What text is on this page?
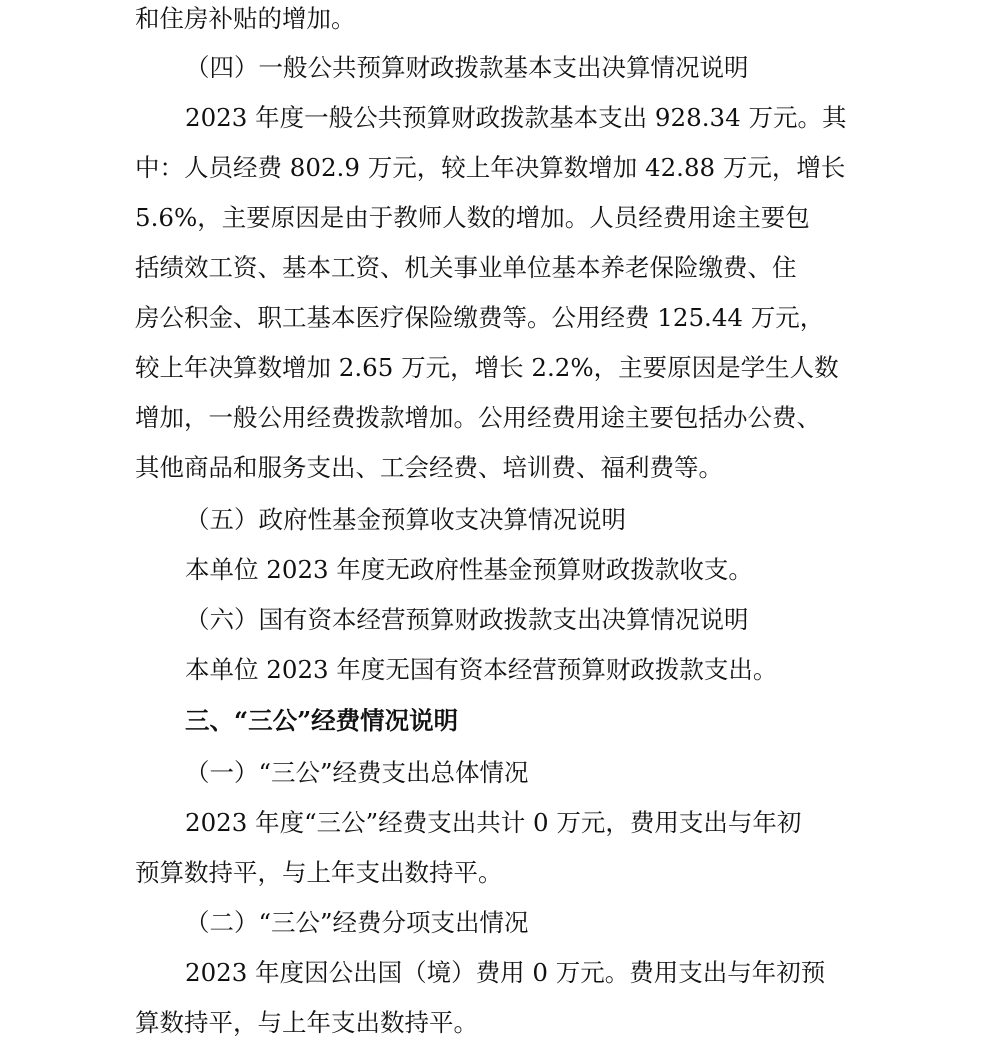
和住房补贴的增加。
（四）一般公共预算财政拨款基本支出决算情况说明
2023 年度一般公共预算财政拨款基本支出 928.34 万元。其
中：人员经费 802.9 万元，较上年决算数增加 42.88 万元，增长
5.6%，主要原因是由于教师人数的增加。人员经费用途主要包
括绩效工资、基本工资、机关事业单位基本养老保险缴费、住
房公积金、职工基本医疗保险缴费等。公用经费 125.44 万元，
较上年决算数增加 2.65 万元，增长 2.2%，主要原因是学生人数
增加，一般公用经费拨款增加。公用经费用途主要包括办公费、
其他商品和服务支出、工会经费、培训费、福利费等。
（五）政府性基金预算收支决算情况说明
本单位 2023 年度无政府性基金预算财政拨款收支。
（六）国有资本经营预算财政拨款支出决算情况说明
本单位 2023 年度无国有资本经营预算财政拨款支出。
三、“三公”经费情况说明
（一）“三公”经费支出总体情况
2023 年度“三公”经费支出共计 0 万元，费用支出与年初
预算数持平，与上年支出数持平。
（二）“三公”经费分项支出情况
2023 年度因公出国（境）费用 0 万元。费用支出与年初预
算数持平，与上年支出数持平。
